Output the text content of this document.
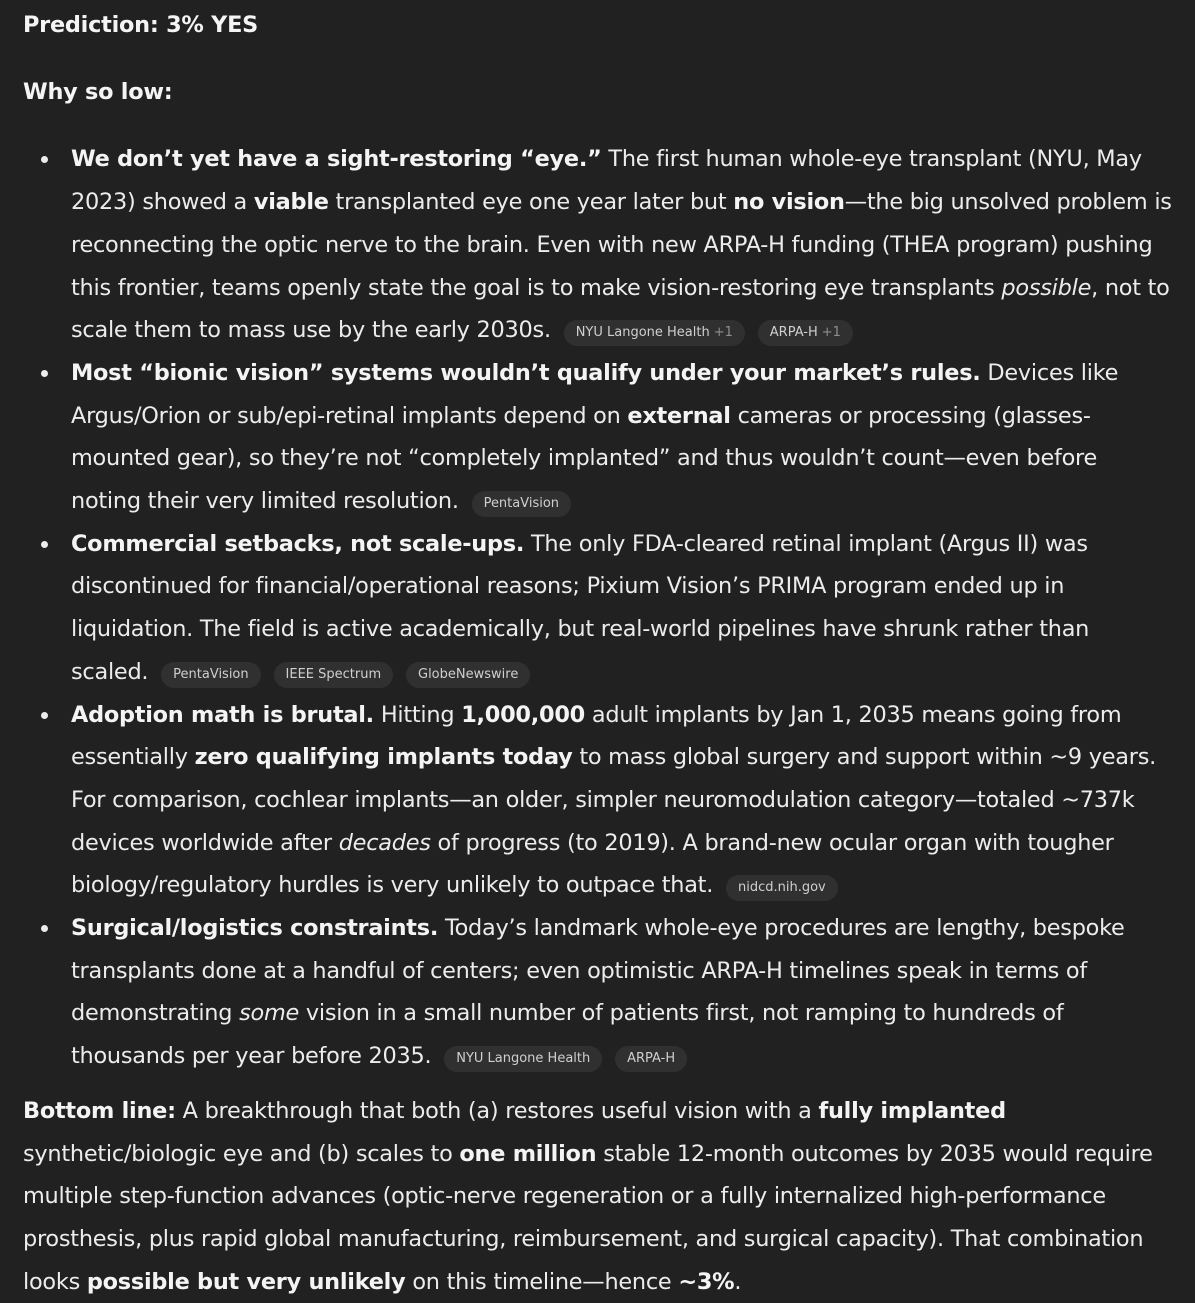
Prediction: 3% YES

Why so low:

We don’t yet have a sight-restoring “eye.” The first human whole-eye transplant (NYU, May 2023) showed a viable transplanted eye one year later but no vision—the big unsolved problem is reconnecting the optic nerve to the brain. Even with new ARPA-H funding (THEA program) pushing this frontier, teams openly state the goal is to make vision-restoring eye transplants possible, not to scale them to mass use by the early 2030s. NYU Langone Health +1	ARPA-H +1
Most “bionic vision” systems wouldn’t qualify under your market’s rules. Devices like Argus/Orion or sub/epi-retinal implants depend on external cameras or processing (glasses-mounted gear), so they’re not “completely implanted” and thus wouldn’t count—even before noting their very limited resolution. PentaVision
Commercial setbacks, not scale-ups. The only FDA-cleared retinal implant (Argus II) was discontinued for financial/operational reasons; Pixium Vision’s PRIMA program ended up in liquidation. The field is active academically, but real-world pipelines have shrunk rather than scaled. PentaVision	IEEE Spectrum	GlobeNewswire
Adoption math is brutal. Hitting 1,000,000 adult implants by Jan 1, 2035 means going from essentially zero qualifying implants today to mass global surgery and support within ~9 years. For comparison, cochlear implants—an older, simpler neuromodulation category—totaled ~737k devices worldwide after decades of progress (to 2019). A brand-new ocular organ with tougher biology/regulatory hurdles is very unlikely to outpace that. nidcd.nih.gov
Surgical/logistics constraints. Today’s landmark whole-eye procedures are lengthy, bespoke transplants done at a handful of centers; even optimistic ARPA-H timelines speak in terms of demonstrating some vision in a small number of patients first, not ramping to hundreds of thousands per year before 2035. NYU Langone Health	ARPA-H

Bottom line: A breakthrough that both (a) restores useful vision with a fully implanted synthetic/biologic eye and (b) scales to one million stable 12-month outcomes by 2035 would require multiple step-function advances (optic-nerve regeneration or a fully internalized high-performance prosthesis, plus rapid global manufacturing, reimbursement, and surgical capacity). That combination looks possible but very unlikely on this timeline—hence ~3%.
